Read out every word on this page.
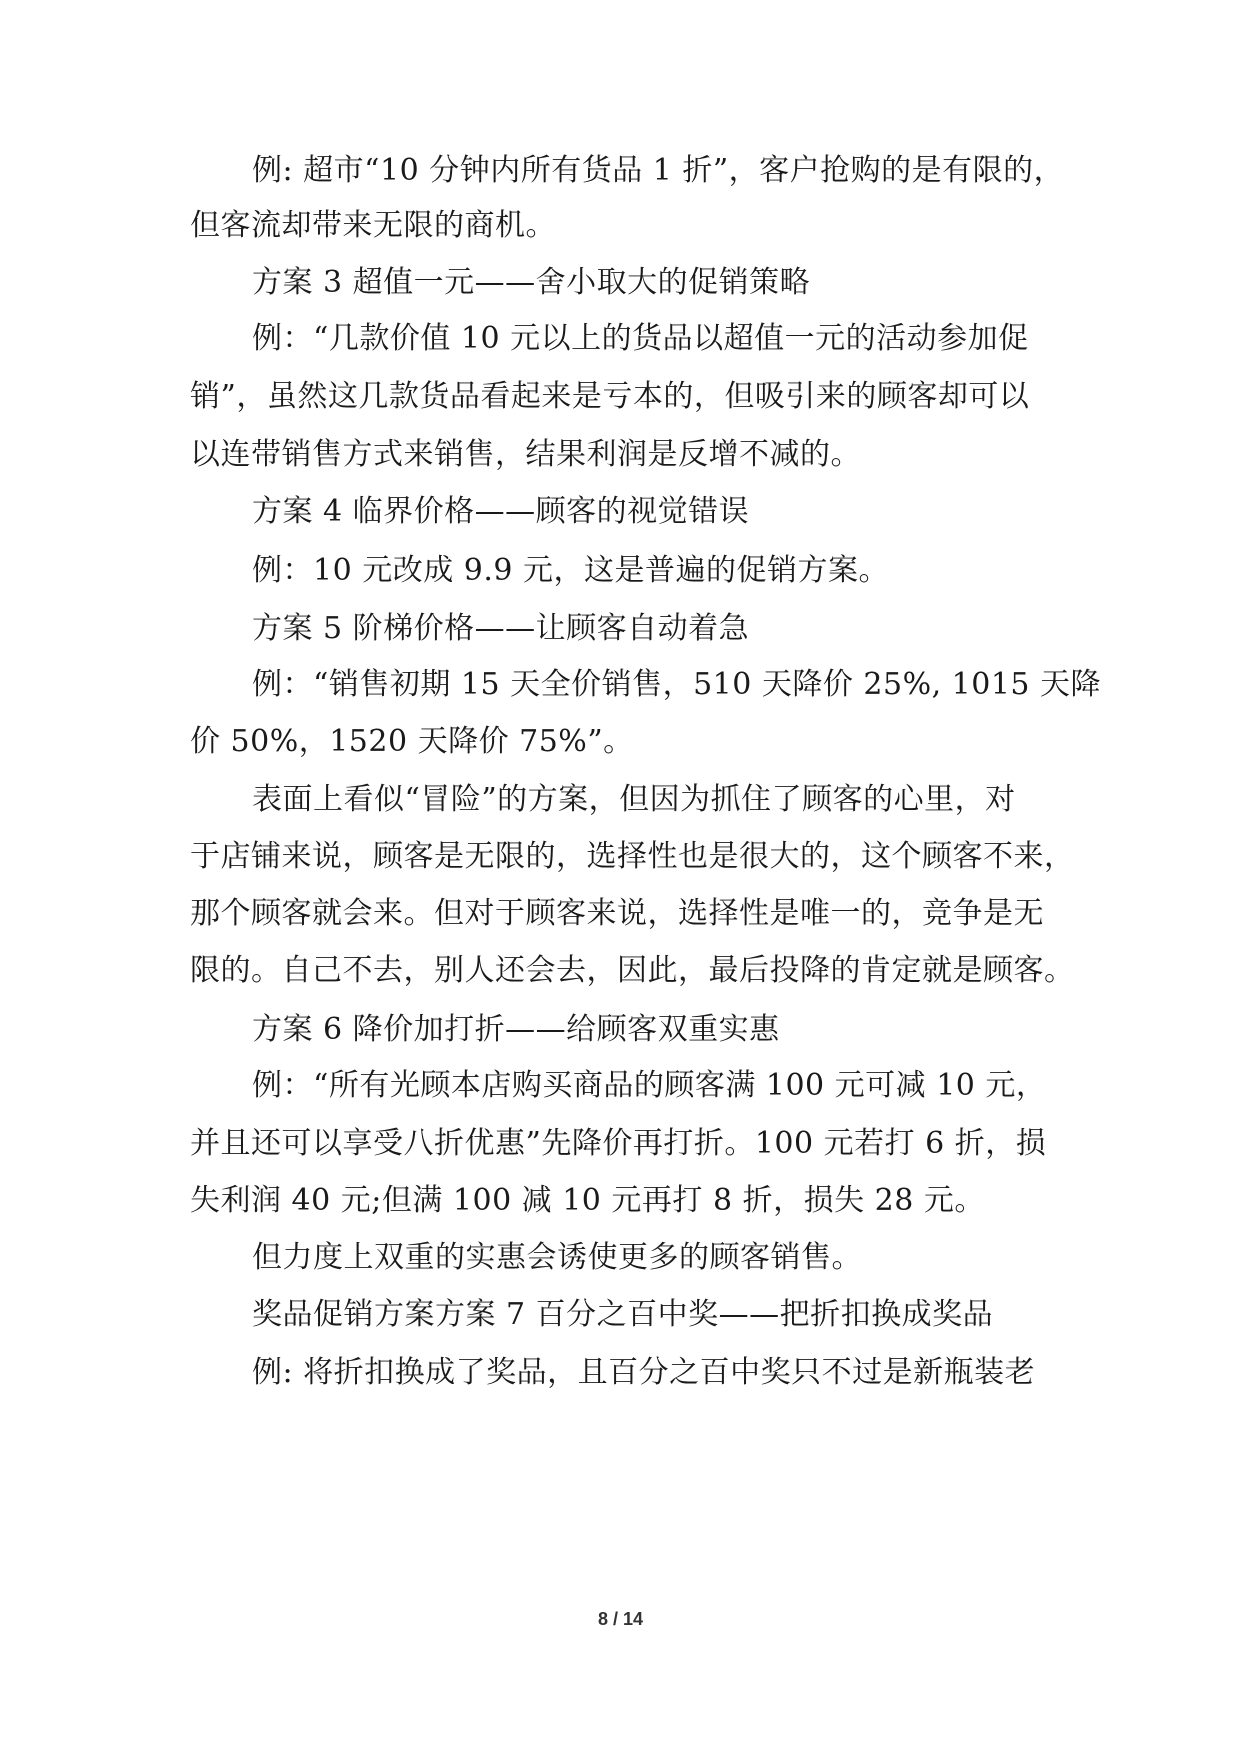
例: 超市“10 分钟内所有货品 1 折”，客户抢购的是有限的，
但客流却带来无限的商机。
方案 3 超值一元——舍小取大的促销策略
例：“几款价值 10 元以上的货品以超值一元的活动参加促
销”，虽然这几款货品看起来是亏本的，但吸引来的顾客却可以
以连带销售方式来销售，结果利润是反增不减的。
方案 4 临界价格——顾客的视觉错误
例：10 元改成 9.9 元，这是普遍的促销方案。
方案 5 阶梯价格——让顾客自动着急
例：“销售初期 15 天全价销售，510 天降价 25%, 1015 天降
价 50%，1520 天降价 75%”。
表面上看似“冒险”的方案，但因为抓住了顾客的心里，对
于店铺来说，顾客是无限的，选择性也是很大的，这个顾客不来，
那个顾客就会来。但对于顾客来说，选择性是唯一的，竞争是无
限的。自己不去，别人还会去，因此，最后投降的肯定就是顾客。
方案 6 降价加打折——给顾客双重实惠
例：“所有光顾本店购买商品的顾客满 100 元可减 10 元，
并且还可以享受八折优惠”先降价再打折。100 元若打 6 折，损
失利润 40 元;但满 100 减 10 元再打 8 折，损失 28 元。
但力度上双重的实惠会诱使更多的顾客销售。
奖品促销方案方案 7 百分之百中奖——把折扣换成奖品
例: 将折扣换成了奖品，且百分之百中奖只不过是新瓶装老
8 / 14
